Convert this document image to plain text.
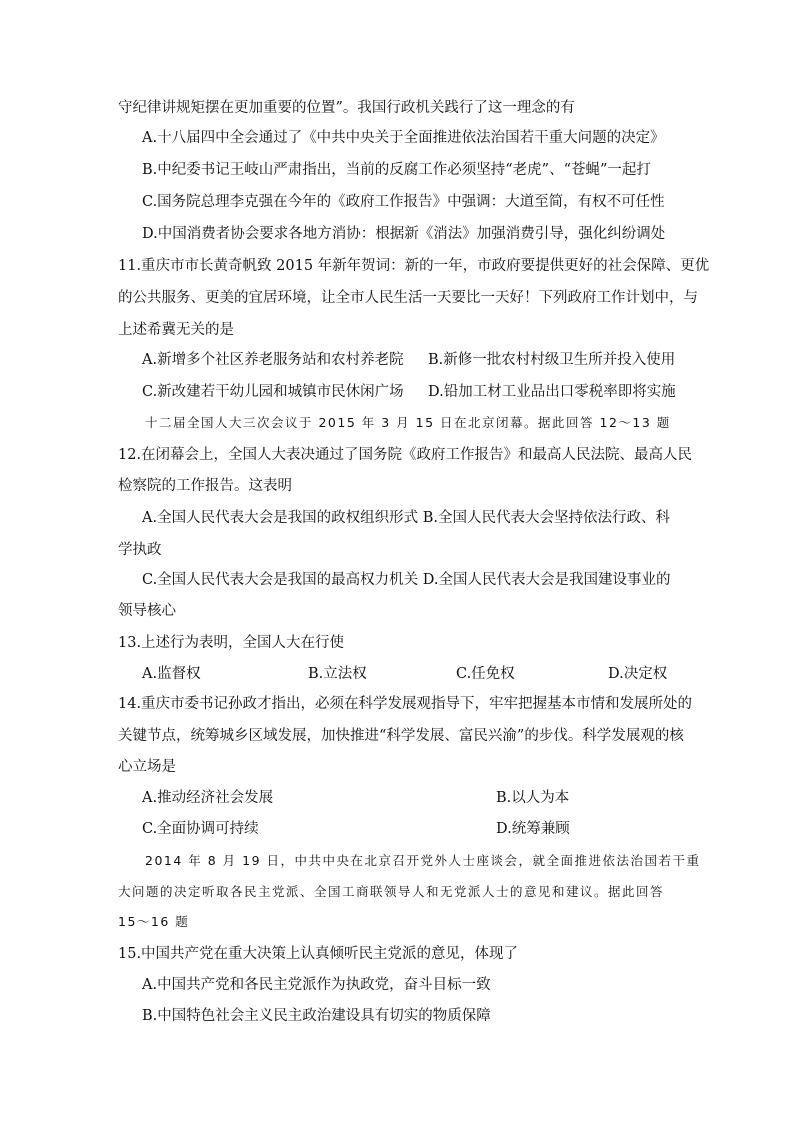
守纪律讲规矩摆在更加重要的位置”。我国行政机关践行了这一理念的有
A.十八届四中全会通过了《中共中央关于全面推进依法治国若干重大问题的决定》
B.中纪委书记王岐山严肃指出，当前的反腐工作必须坚持“老虎”、“苍蝇”一起打
C.国务院总理李克强在今年的《政府工作报告》中强调：大道至简，有权不可任性
D.中国消费者协会要求各地方消协：根据新《消法》加强消费引导，强化纠纷调处
11.重庆市市长黄奇帆致 2015 年新年贺词：新的一年，市政府要提供更好的社会保障、更优
的公共服务、更美的宜居环境，让全市人民生活一天要比一天好！下列政府工作计划中，与
上述希冀无关的是
A.新增多个社区养老服务站和农村养老院 B.新修一批农村村级卫生所并投入使用
C.新改建若干幼儿园和城镇市民休闲广场 D.铅加工材工业品出口零税率即将实施
十二届全国人大三次会议于 2015 年 3 月 15 日在北京闭幕。据此回答 12～13 题
12.在闭幕会上，全国人大表决通过了国务院《政府工作报告》和最高人民法院、最高人民
检察院的工作报告。这表明
A.全国人民代表大会是我国的政权组织形式 B.全国人民代表大会坚持依法行政、科
学执政
C.全国人民代表大会是我国的最高权力机关 D.全国人民代表大会是我国建设事业的
领导核心
13.上述行为表明，全国人大在行使
A.监督权	B.立法权	C.任免权	D.决定权
14.重庆市委书记孙政才指出，必须在科学发展观指导下，牢牢把握基本市情和发展所处的
关键节点，统筹城乡区域发展，加快推进“科学发展、富民兴渝”的步伐。科学发展观的核
心立场是
A.推动经济社会发展	B.以人为本
C.全面协调可持续	D.统筹兼顾
2014 年 8 月 19 日，中共中央在北京召开党外人士座谈会，就全面推进依法治国若干重
大问题的决定听取各民主党派、全国工商联领导人和无党派人士的意见和建议。据此回答
15～16 题
15.中国共产党在重大决策上认真倾听民主党派的意见，体现了
A.中国共产党和各民主党派作为执政党，奋斗目标一致
B.中国特色社会主义民主政治建设具有切实的物质保障
